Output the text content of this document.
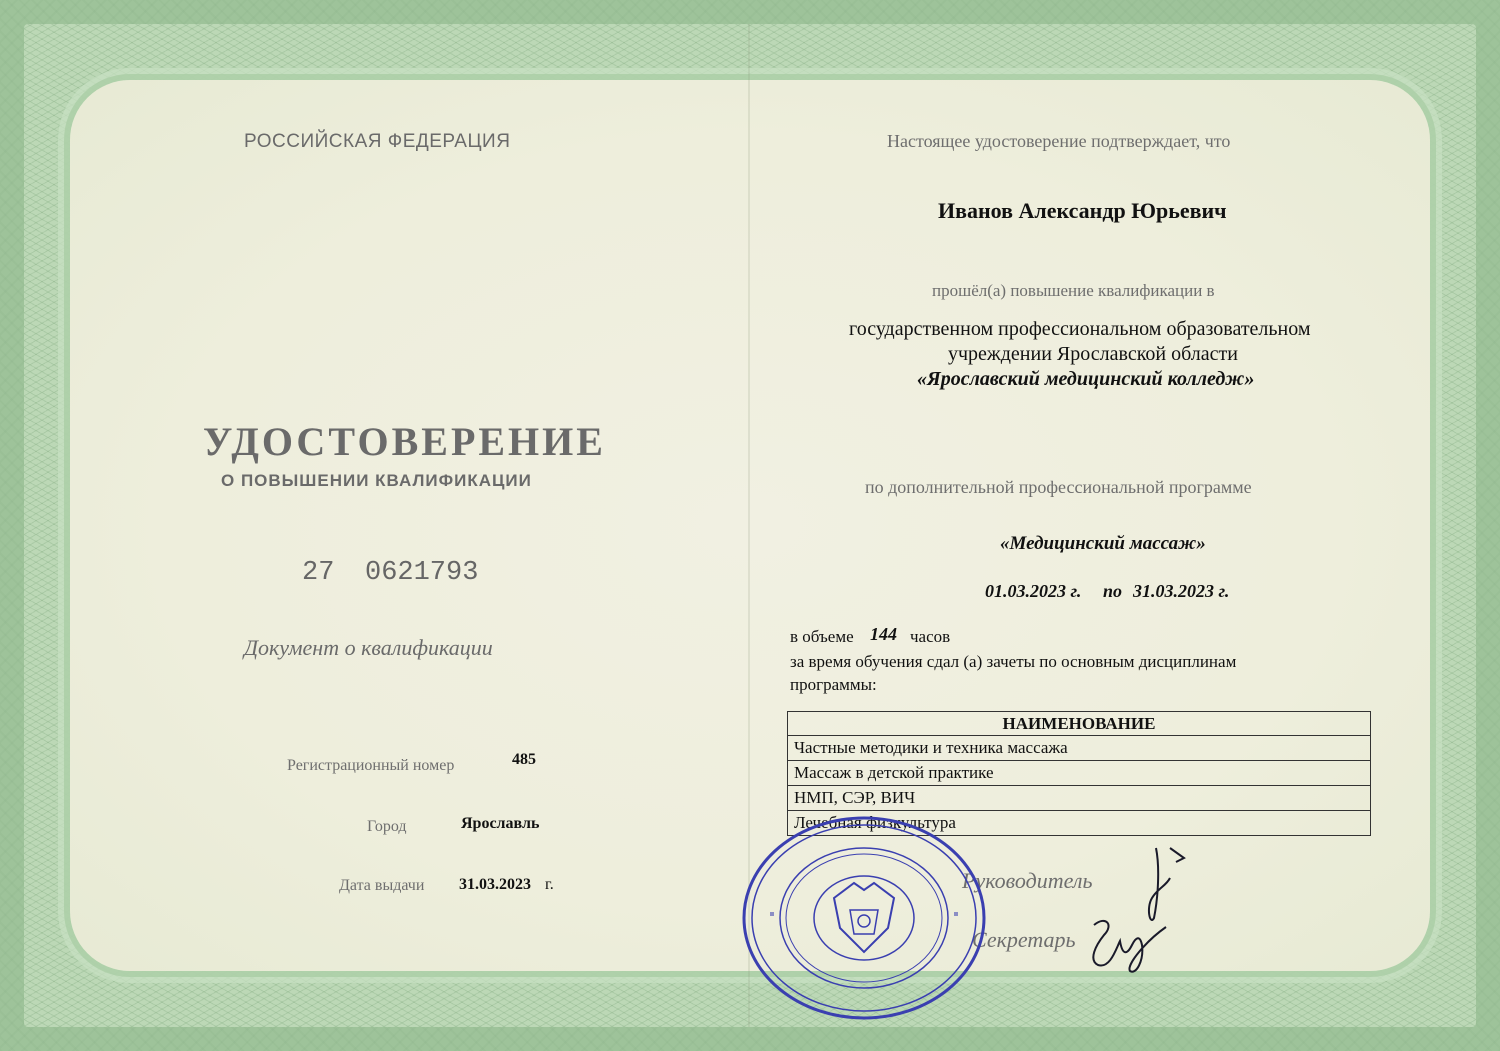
РОССИЙСКАЯ ФЕДЕРАЦИЯ
УДОСТОВЕРЕНИЕ
О ПОВЫШЕНИИ КВАЛИФИКАЦИИ
27 0621793
Документ о квалификации
Регистрационный номер	485
Город	Ярославль
Дата выдачи 31.03.2023 г.
Настоящее удостоверение подтверждает, что
Иванов Александр Юрьевич
прошёл(а) повышение квалификации в
государственном профессиональном образовательном
учреждении Ярославской области
«Ярославский медицинский колледж»
по дополнительной профессиональной программе
«Медицинский массаж»
01.03.2023 г. по 31.03.2023 г.
в объеме 144 часов
за время обучения сдал (а) зачеты по основным дисциплинам
программы:
НАИМЕНОВАНИЕ
Частные методики и техника массажа
Массаж в детской практике
НМП, СЭР, ВИЧ
Лечебная физкультура
Руководитель
Секретарь
